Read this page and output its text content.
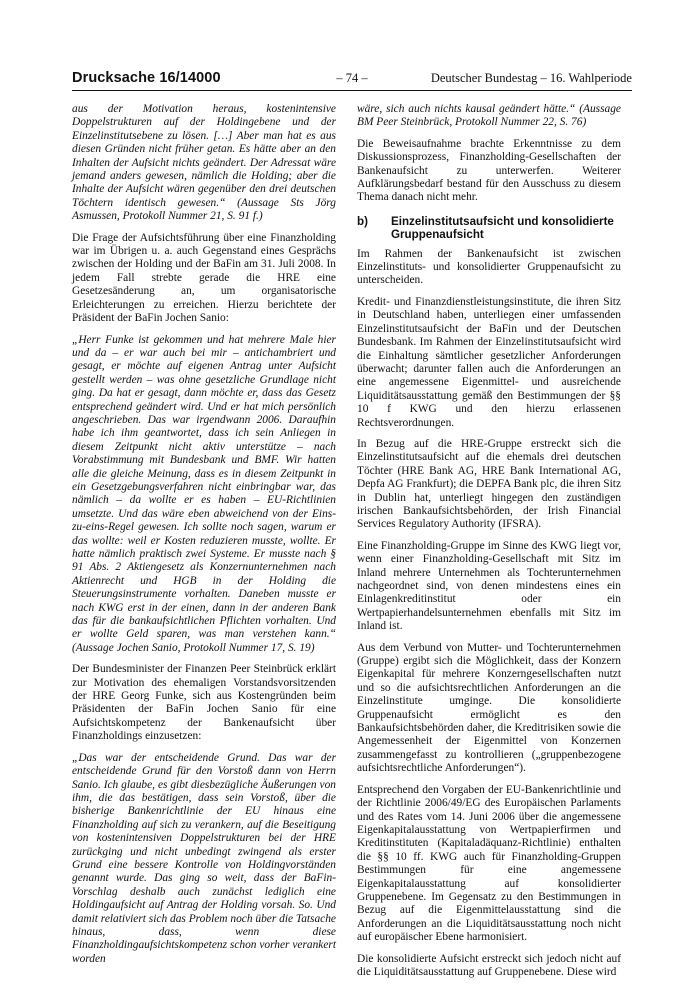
– 74 –
Drucksache 16/14000	Deutscher Bundestag – 16. Wahlperiode

aus der Motivation heraus, kostenintensive Doppelstrukturen auf der Holdingebene und der Einzelinstitutsebene zu lösen. […] Aber man hat es aus diesen Gründen nicht früher getan. Es hätte aber an den Inhalten der Aufsicht nichts geändert. Der Adressat wäre jemand anders gewesen, nämlich die Holding; aber die Inhalte der Aufsicht wären gegenüber den drei deutschen Töchtern identisch gewesen.“ (Aussage Sts Jörg Asmussen, Protokoll Nummer 21, S. 91 f.)

Die Frage der Aufsichtsführung über eine Finanzholding war im Übrigen u. a. auch Gegenstand eines Gesprächs zwischen der Holding und der BaFin am 31. Juli 2008. In jedem Fall strebte gerade die HRE eine Gesetzesänderung an, um organisatorische Erleichterungen zu erreichen. Hierzu berichtete der Präsident der BaFin Jochen Sanio:

„Herr Funke ist gekommen und hat mehrere Male hier und da – er war auch bei mir – antichambriert und gesagt, er möchte auf eigenen Antrag unter Aufsicht gestellt werden – was ohne gesetzliche Grundlage nicht ging. Da hat er gesagt, dann möchte er, dass das Gesetz entsprechend geändert wird. Und er hat mich persönlich angeschrieben. Das war irgendwann 2006. Daraufhin habe ich ihm geantwortet, dass ich sein Anliegen in diesem Zeitpunkt nicht aktiv unterstütze – nach Vorabstimmung mit Bundesbank und BMF. Wir hatten alle die gleiche Meinung, dass es in diesem Zeitpunkt in ein Gesetzgebungsverfahren nicht einbringbar war, das nämlich – da wollte er es haben – EU-Richtlinien umsetzte. Und das wäre eben abweichend von der Eins-zu-eins-Regel gewesen. Ich sollte noch sagen, warum er das wollte: weil er Kosten reduzieren musste, wollte. Er hatte nämlich praktisch zwei Systeme. Er musste nach § 91 Abs. 2 Aktiengesetz als Konzernunternehmen nach Aktienrecht und HGB in der Holding die Steuerungsinstrumente vorhalten. Daneben musste er nach KWG erst in der einen, dann in der anderen Bank das für die bankaufsichtlichen Pflichten vorhalten. Und er wollte Geld sparen, was man verstehen kann.“ (Aussage Jochen Sanio, Protokoll Nummer 17, S. 19)

Der Bundesminister der Finanzen Peer Steinbrück erklärt zur Motivation des ehemaligen Vorstandsvorsitzenden der HRE Georg Funke, sich aus Kostengründen beim Präsidenten der BaFin Jochen Sanio für eine Aufsichtskompetenz der Bankenaufsicht über Finanzholdings einzusetzen:

„Das war der entscheidende Grund. Das war der entscheidende Grund für den Vorstoß dann von Herrn Sanio. Ich glaube, es gibt diesbezügliche Äußerungen von ihm, die das bestätigen, dass sein Vorstoß, über die bisherige Bankenrichtlinie der EU hinaus eine Finanzholding auf sich zu verankern, auf die Beseitigung von kostenintensiven Doppelstrukturen bei der HRE zurückging und nicht unbedingt zwingend als erster Grund eine bessere Kontrolle von Holdingvorständen genannt wurde. Das ging so weit, dass der BaFin-Vorschlag deshalb auch zunächst lediglich eine Holdingaufsicht auf Antrag der Holding vorsah. So. Und damit relativiert sich das Problem noch über die Tatsache hinaus, dass, wenn diese Finanzholdingaufsichtskompetenz schon vorher verankert worden

wäre, sich auch nichts kausal geändert hätte.“ (Aussage BM Peer Steinbrück, Protokoll Nummer 22, S. 76)

Die Beweisaufnahme brachte Erkenntnisse zu dem Diskussionsprozess, Finanzholding-Gesellschaften der Bankenaufsicht zu unterwerfen. Weiterer Aufklärungsbedarf bestand für den Ausschuss zu diesem Thema danach nicht mehr.

b)	Einzelinstitutsaufsicht und konsolidierte Gruppenaufsicht

Im Rahmen der Bankenaufsicht ist zwischen Einzelinstituts- und konsolidierter Gruppenaufsicht zu unterscheiden.

Kredit- und Finanzdienstleistungsinstitute, die ihren Sitz in Deutschland haben, unterliegen einer umfassenden Einzelinstitutsaufsicht der BaFin und der Deutschen Bundesbank. Im Rahmen der Einzelinstitutsaufsicht wird die Einhaltung sämtlicher gesetzlicher Anforderungen überwacht; darunter fallen auch die Anforderungen an eine angemessene Eigenmittel- und ausreichende Liquiditätsausstattung gemäß den Bestimmungen der §§ 10 f KWG und den hierzu erlassenen Rechtsverordnungen.

In Bezug auf die HRE-Gruppe erstreckt sich die Einzelinstitutsaufsicht auf die ehemals drei deutschen Töchter (HRE Bank AG, HRE Bank International AG, Depfa AG Frankfurt); die DEPFA Bank plc, die ihren Sitz in Dublin hat, unterliegt hingegen den zuständigen irischen Bankaufsichtsbehörden, der Irish Financial Services Regulatory Authority (IFSRA).

Eine Finanzholding-Gruppe im Sinne des KWG liegt vor, wenn einer Finanzholding-Gesellschaft mit Sitz im Inland mehrere Unternehmen als Tochterunternehmen nachgeordnet sind, von denen mindestens eines ein Einlagenkreditinstitut oder ein Wertpapierhandelsunternehmen ebenfalls mit Sitz im Inland ist.

Aus dem Verbund von Mutter- und Tochterunternehmen (Gruppe) ergibt sich die Möglichkeit, dass der Konzern Eigenkapital für mehrere Konzerngesellschaften nutzt und so die aufsichtsrechtlichen Anforderungen an die Einzelinstitute umginge. Die konsolidierte Gruppenaufsicht ermöglicht es den Bankaufsichtsbehörden daher, die Kreditrisiken sowie die Angemessenheit der Eigenmittel von Konzernen zusammengefasst zu kontrollieren („gruppenbezogene aufsichtsrechtliche Anforderungen“).

Entsprechend den Vorgaben der EU-Bankenrichtlinie und der Richtlinie 2006/49/EG des Europäischen Parlaments und des Rates vom 14. Juni 2006 über die angemessene Eigenkapitalausstattung von Wertpapierfirmen und Kreditinstituten (Kapitaladäquanz-Richtlinie) enthalten die §§ 10 ff. KWG auch für Finanzholding-Gruppen Bestimmungen für eine angemessene Eigenkapitalausstattung auf konsolidierter Gruppenebene. Im Gegensatz zu den Bestimmungen in Bezug auf die Eigenmittelausstattung sind die Anforderungen an die Liquiditätsausstattung noch nicht auf europäischer Ebene harmonisiert.

Die konsolidierte Aufsicht erstreckt sich jedoch nicht auf die Liquiditätsausstattung auf Gruppenebene. Diese wird
